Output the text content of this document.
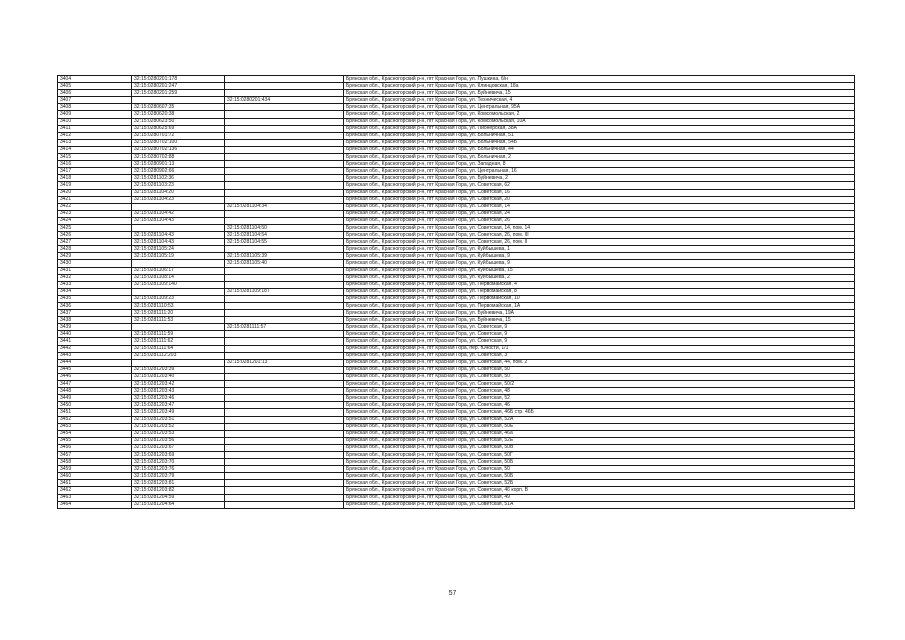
3404	32:15:0280201:178		Брянская обл., Красногорский р-н, пгт Красная Гора, ул. Пушкина, б/н
3405	32:15:0280201:247		Брянская обл., Красногорский р-н, пгт Красная Гора, ул. Клинцовская, 18а
3406	32:15:0280201:259		Брянская обл., Красногорский р-н, пгт Красная Гора, ул. Буйневича, 15
3407		32:15:0280201:434	Брянская обл., Красногорский р-н, пгт Красная Гора, ул. Техническая, 4
3408	32:15:0280607:35		Брянская обл., Красногорский р-н, пгт Красная Гора, ул. Центральная, 95А
3409	32:15:0280620:38		Брянская обл., Красногорский р-н, пгт Красная Гора, ул. Комсомольская, 2
3410	32:15:0280623:50		Брянская обл., Красногорский р-н, пгт Красная Гора, ул. Комсомольская, 10А
3411	32:15:0280625:69		Брянская обл., Красногорский р-н, пгт Красная Гора, ул. Пионерская, 38А
3412	32:15:0280701:72		Брянская обл., Красногорский р-н, пгт Красная Гора, ул. Больничная, 51
3413	32:15:0280702:100		Брянская обл., Красногорский р-н, пгт Красная Гора, ул. Больничная, 54Б
3414	32:15:0280702:136		Брянская обл., Красногорский р-н, пгт Красная Гора, ул. Больничная, 44
3415	32:15:0280702:88		Брянская обл., Красногорский р-н, пгт Красная Гора, ул. Больничная, 2
3416	32:15:0280901:13		Брянская обл., Красногорский р-н, пгт Красная Гора, ул. Западная, 8
3417	32:15:0280902:66		Брянская обл., Красногорский р-н, пгт Красная Гора, ул. Центральная, 16
3418	32:15:0281102:36		Брянская обл., Красногорский р-н, пгт Красная Гора, ул. Буйневича, 2
3419	32:15:0281103:23		Брянская обл., Красногорский р-н, пгт Красная Гора, ул. Советская, 62
3420	32:15:0281104:20		Брянская обл., Красногорский р-н, пгт Красная Гора, ул. Советская, 16
3421	32:15:0281104:23		Брянская обл., Красногорский р-н, пгт Красная Гора, ул. Советская, 20
3422		32:15:0281104:34	Брянская обл., Красногорский р-н, пгт Красная Гора, ул. Советская, 14
3423	32:15:0281104:42		Брянская обл., Красногорский р-н, пгт Красная Гора, ул. Советская, 24
3424	32:15:0281104:43		Брянская обл., Красногорский р-н, пгт Красная Гора, ул. Советская, 26
3425		32:15:0281104:50	Брянская обл., Красногорский р-н, пгт Красная Гора, ул. Советская, 14, пом. 14
3426	32:15:0281104:43	32:15:0281104:54	Брянская обл., Красногорский р-н, пгт Красная Гора, ул. Советская, 26, пом. III
3427	32:15:0281104:43	32:15:0281104:55	Брянская обл., Красногорский р-н, пгт Красная Гора, ул. Советская, 26, пом. II
3428	32:15:0281105:24		Брянская обл., Красногорский р-н, пгт Красная Гора, ул. Куйбышева, 1
3429	32:15:0281105:19	32:15:0281105:39	Брянская обл., Красногорский р-н, пгт Красная Гора, ул. Куйбышева, 9
3430		32:15:0281105:40	Брянская обл., Красногорский р-н, пгт Красная Гора, ул. Куйбышева, 9
3431	32:15:0281106:17		Брянская обл., Красногорский р-н, пгт Красная Гора, ул. Куйбышева, 15
3432	32:15:0281108:14		Брянская обл., Красногорский р-н, пгт Красная Гора, ул. Куйбышева, 2
3433	32:15:0281109:140		Брянская обл., Красногорский р-н, пгт Красная Гора, ул. Первомайская, 4
3434		32:15:0281109:187	Брянская обл., Красногорский р-н, пгт Красная Гора, ул. Первомайская, 8
3435	32:15:0281109:23		Брянская обл., Красногорский р-н, пгт Красная Гора, ул. Первомайская, 10
3436	32:15:0281110:53		Брянская обл., Красногорский р-н, пгт Красная Гора, ул. Первомайская, 1А
3437	32:15:0281111:20		Брянская обл., Красногорский р-н, пгт Красная Гора, ул. Буйневича, 19А
3438	32:15:0281111:53		Брянская обл., Красногорский р-н, пгт Красная Гора, ул. Буйневича, 15
3439		32:15:0281111:57	Брянская обл., Красногорский р-н, пгт Красная Гора, ул. Советская, 9
3440	32:15:0281111:59		Брянская обл., Красногорский р-н, пгт Красная Гора, ул. Советская, 9
3441	32:15:0281111:62		Брянская обл., Красногорский р-н, пгт Красная Гора, ул. Советская, 9
3442	32:15:0281111:64		Брянская обл., Красногорский р-н, пгт Красная Гора, пер. Юности, 1/1
3443	32:15:0281112:203		Брянская обл., Красногорский р-н, пгт Красная Гора, ул. Советская, 3
3444		32:15:0281201:13	Брянская обл., Красногорский р-н, пгт Красная Гора, ул. Советская, 44, пом. 2
3445	32:15:0281203:39		Брянская обл., Красногорский р-н, пгт Красная Гора, ул. Советская, 50
3446	32:15:0281203:40		Брянская обл., Красногорский р-н, пгт Красная Гора, ул. Советская, 50
3447	32:15:0281203:42		Брянская обл., Красногорский р-н, пгт Красная Гора, ул. Советская, 50/2
3448	32:15:0281203:43		Брянская обл., Красногорский р-н, пгт Красная Гора, ул. Советская, 48
3449	32:15:0281203:46		Брянская обл., Красногорский р-н, пгт Красная Гора, ул. Советская, 52
3450	32:15:0281203:47		Брянская обл., Красногорский р-н, пгт Красная Гора, ул. Советская, 46
3451	32:15:0281203:49		Брянская обл., Красногорский р-н, пгт Красная Гора, ул. Советская, 46Б стр. 46Б
3452	32:15:0281203:51		Брянская обл., Красногорский р-н, пгт Красная Гора, ул. Советская, 52А
3453	32:15:0281203:52		Брянская обл., Красногорский р-н, пгт Красная Гора, ул. Советская, 50Е
3454	32:15:0281203:53		Брянская обл., Красногорский р-н, пгт Красная Гора, ул. Советская, 46а
3455	32:15:0281203:56		Брянская обл., Красногорский р-н, пгт Красная Гора, ул. Советская, 52Е
3456	32:15:0281203:67		Брянская обл., Красногорский р-н, пгт Красная Гора, ул. Советская, 50В
3457	32:15:0281203:69		Брянская обл., Красногорский р-н, пгт Красная Гора, ул. Советская, 50Г
3458	32:15:0281203:70		Брянская обл., Красногорский р-н, пгт Красная Гора, ул. Советская, 50Б
3459	32:15:0281203:76		Брянская обл., Красногорский р-н, пгт Красная Гора, ул. Советская, 50
3460	32:15:0281203:79		Брянская обл., Красногорский р-н, пгт Красная Гора, ул. Советская, 50Б
3461	32:15:0281203:81		Брянская обл., Красногорский р-н, пгт Красная Гора, ул. Советская, 52Б
3462	32:15:0281203:82		Брянская обл., Красногорский р-н, пгт Красная Гора, ул. Советская, 46 корп. В
3463	32:15:0281204:59		Брянская обл., Красногорский р-н, пгт Красная Гора, ул. Советская, 49
3464	32:15:0281204:64		Брянская обл., Красногорский р-н, пгт Красная Гора, ул. Советская, 51А
57
